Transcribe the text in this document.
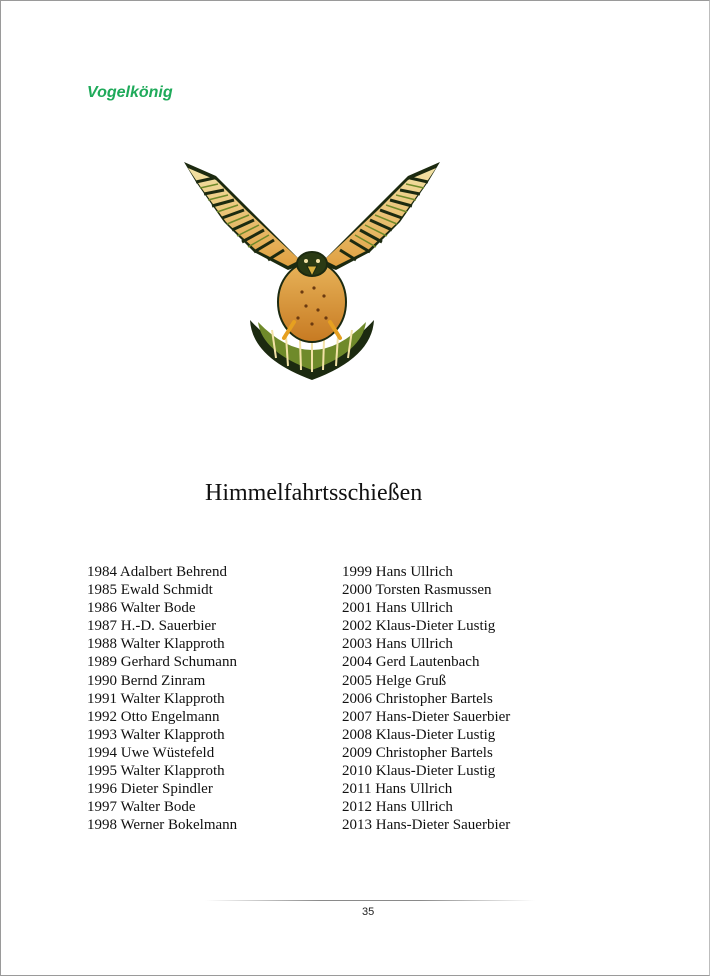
Vogelkönig
Himmelfahrtsschießen
1984 Adalbert Behrend
1985 Ewald Schmidt
1986 Walter Bode
1987 H.-D. Sauerbier
1988 Walter Klapproth
1989 Gerhard Schumann
1990 Bernd Zinram
1991 Walter Klapproth
1992 Otto Engelmann
1993 Walter Klapproth
1994 Uwe Wüstefeld
1995 Walter Klapproth
1996 Dieter Spindler
1997 Walter Bode
1998 Werner Bokelmann
1999 Hans Ullrich
2000 Torsten Rasmussen
2001 Hans Ullrich
2002 Klaus-Dieter Lustig
2003 Hans Ullrich
2004 Gerd Lautenbach
2005 Helge Gruß
2006 Christopher Bartels
2007 Hans-Dieter Sauerbier
2008 Klaus-Dieter Lustig
2009 Christopher Bartels
2010 Klaus-Dieter Lustig
2011 Hans Ullrich
2012 Hans Ullrich
2013 Hans-Dieter Sauerbier
35
